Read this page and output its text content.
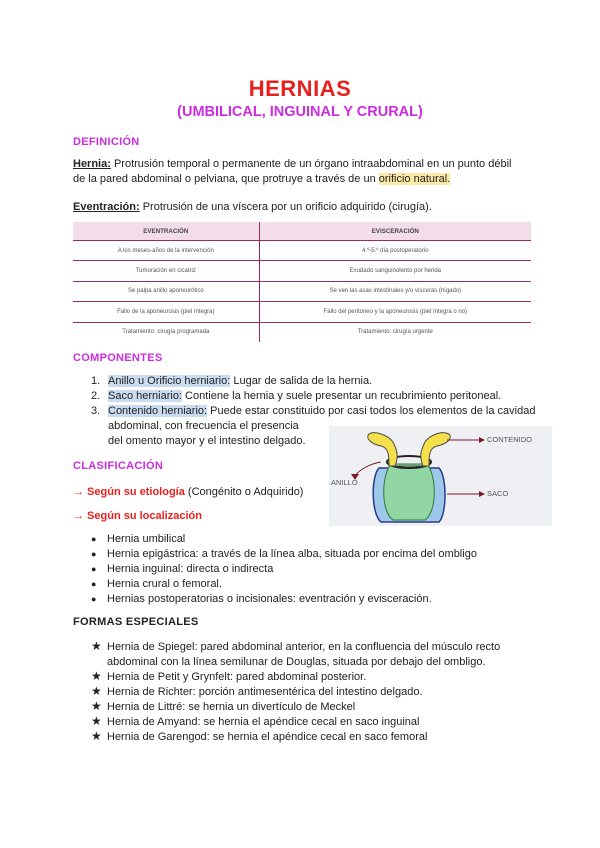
HERNIAS
(UMBILICAL, INGUINAL Y CRURAL)
DEFINICIÓN
Hernia: Protrusión temporal o permanente de un órgano intraabdominal en un punto débil
de la pared abdominal o pelviana, que protruye a través de un orificio natural.
Eventración: Protrusión de una víscera por un orificio adquirido (cirugía).
EVENTRACIÓN	EVISCERACIÓN
A los meses-años de la intervención	4.º-5.º día postoperatorio
Tumoración en cicatriz	Exudado sanguinolento por herida
Se palpa anillo aponeurótico	Se ven las asas intestinales y/o vísceras (hígado)
Fallo de la aponeurosis (piel íntegra)	Fallo del peritoneo y la aponeurosis (piel íntegra o no)
Tratamiento: cirugía programada	Tratamiento: cirugía urgente
COMPONENTES
1. Anillo u Orificio herniario: Lugar de salida de la hernia.
2. Saco herniario: Contiene la hernia y suele presentar un recubrimiento peritoneal.
3. Contenido herniario: Puede estar constituido por casi todos los elementos de la cavidad
abdominal, con frecuencia el presencia
del omento mayor y el intestino delgado.	CONTENIDO
SACO
ANILLO
CLASIFICACIÓN
→ Según su etiología (Congénito o Adquirido)
→ Según su localización
● Hernia umbilical
● Hernia epigástrica: a través de la línea alba, situada por encima del ombligo
● Hernia inguinal: directa o indirecta
● Hernia crural o femoral.
● Hernias postoperatorias o incisionales: eventración y evisceración.
FORMAS ESPECIALES
★ Hernia de Spiegel: pared abdominal anterior, en la confluencia del músculo recto
abdominal con la línea semilunar de Douglas, situada por debajo del ombligo.
★ Hernia de Petit y Grynfelt: pared abdominal posterior.
★ Hernia de Richter: porción antimesentérica del intestino delgado.
★ Hernia de Littré: se hernia un divertículo de Meckel
★ Hernia de Amyand: se hernia el apéndice cecal en saco inguinal
★ Hernia de Garengod: se hernia el apéndice cecal en saco femoral
